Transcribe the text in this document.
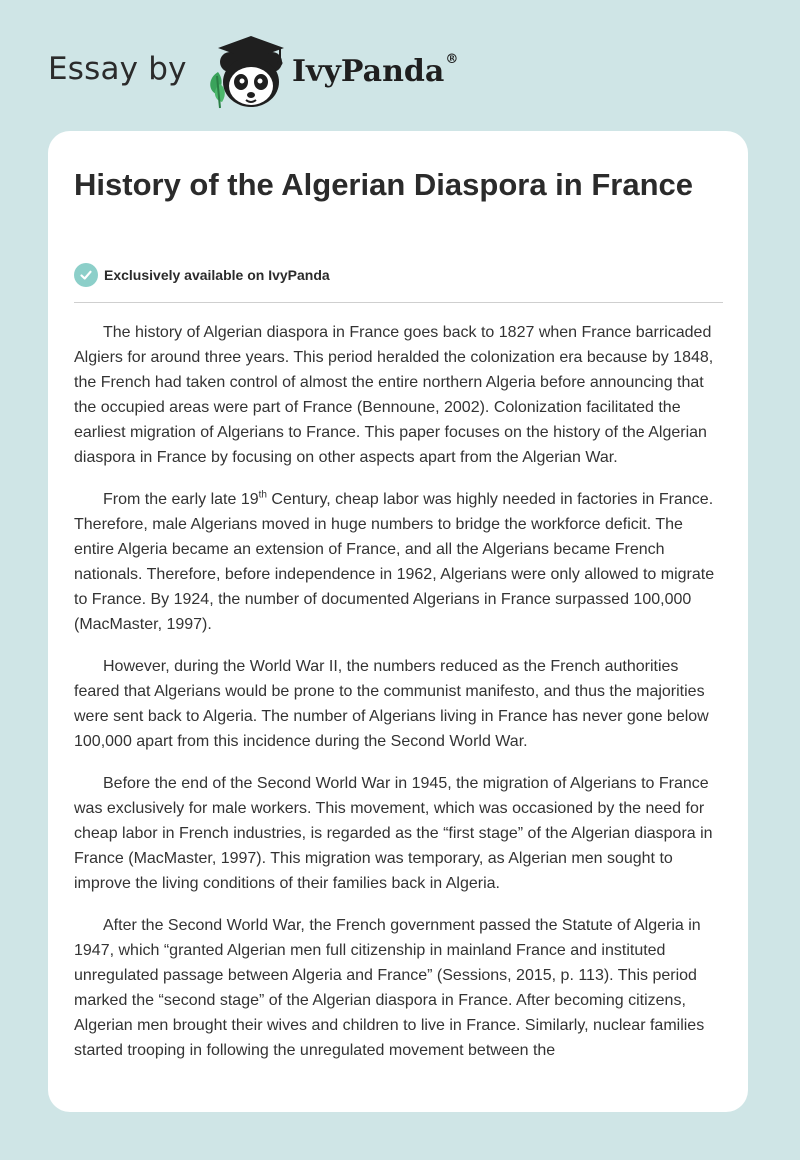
Essay by	IvyPanda®
History of the Algerian Diaspora in France
Exclusively available on IvyPanda

The history of Algerian diaspora in France goes back to 1827 when France barricaded Algiers for around three years. This period heralded the colonization era because by 1848, the French had taken control of almost the entire northern Algeria before announcing that the occupied areas were part of France (Bennoune, 2002). Colonization facilitated the earliest migration of Algerians to France. This paper focuses on the history of the Algerian diaspora in France by focusing on other aspects apart from the Algerian War.

From the early late 19th Century, cheap labor was highly needed in factories in France. Therefore, male Algerians moved in huge numbers to bridge the workforce deficit. The entire Algeria became an extension of France, and all the Algerians became French nationals. Therefore, before independence in 1962, Algerians were only allowed to migrate to France. By 1924, the number of documented Algerians in France surpassed 100,000 (MacMaster, 1997).

However, during the World War II, the numbers reduced as the French authorities feared that Algerians would be prone to the communist manifesto, and thus the majorities were sent back to Algeria. The number of Algerians living in France has never gone below 100,000 apart from this incidence during the Second World War.

Before the end of the Second World War in 1945, the migration of Algerians to France was exclusively for male workers. This movement, which was occasioned by the need for cheap labor in French industries, is regarded as the “first stage” of the Algerian diaspora in France (MacMaster, 1997). This migration was temporary, as Algerian men sought to improve the living conditions of their families back in Algeria.

After the Second World War, the French government passed the Statute of Algeria in 1947, which “granted Algerian men full citizenship in mainland France and instituted unregulated passage between Algeria and France” (Sessions, 2015, p. 113). This period marked the “second stage” of the Algerian diaspora in France. After becoming citizens, Algerian men brought their wives and children to live in France. Similarly, nuclear families started trooping in following the unregulated movement between the
